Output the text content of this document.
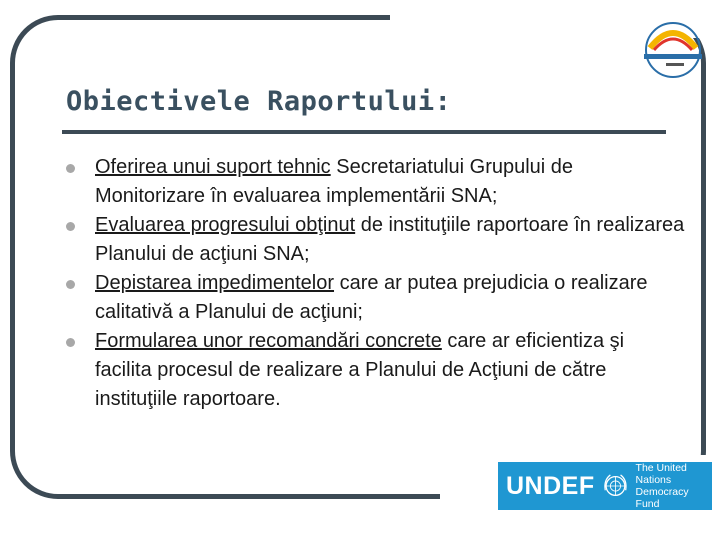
Obiectivele Raportului:
Oferirea unui suport tehnic Secretariatului Grupului de Monitorizare în evaluarea implementării SNA;
Evaluarea progresului obţinut de instituţiile raportoare în realizarea Planului de acţiuni SNA;
Depistarea impedimentelor care ar putea prejudicia o realizare calitativă a Planului de acţiuni;
Formularea unor recomandări concrete care ar eficientiza şi facilita procesul de realizare a Planului de Acţiuni de către instituţiile raportoare.
UNDEF
The United Nations
Democracy Fund
